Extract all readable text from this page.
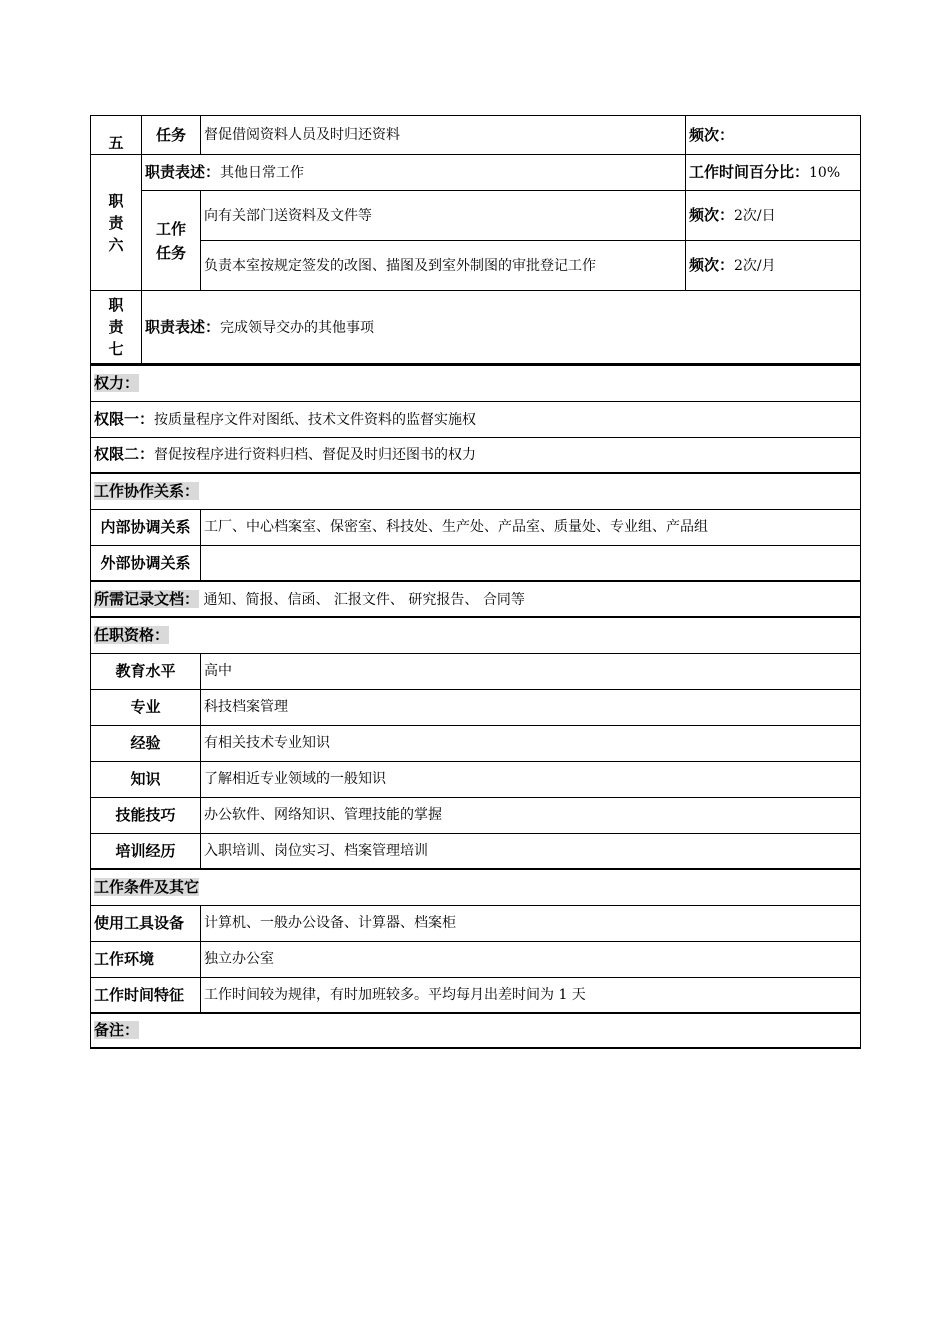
五	任务	督促借阅资料人员及时归还资料	频次：

职
责
六	职责表述：其他日常工作		工作时间百分比：10%

	工作
任务	向有关部门送资料及文件等	频次：2次/日
		负责本室按规定签发的改图、描图及到室外制图的审批登记工作	频次：2次/月

职
责
七	职责表述：完成领导交办的其他事项		
权力：	
权限一：按质量程序文件对图纸、技术文件资料的监督实施权	
权限二：督促按程序进行资料归档、督促及时归还图书的权力	
工作协作关系：	
内部协调关系	工厂、中心档案室、保密室、科技处、生产处、产品室、质量处、专业组、产品组
外部协调关系	
所需记录文档： 通知、简报、信函、 汇报文件、 研究报告、 合同等	
任职资格：	
教育水平	高中
专业	科技档案管理
经验	有相关技术专业知识
知识	了解相近专业领域的一般知识
技能技巧	办公软件、网络知识、管理技能的掌握
培训经历	入职培训、岗位实习、档案管理培训
工作条件及其它	
使用工具设备	计算机、一般办公设备、计算器、档案柜
工作环境	独立办公室
工作时间特征	工作时间较为规律，有时加班较多。平均每月出差时间为 1 天
备注：	
